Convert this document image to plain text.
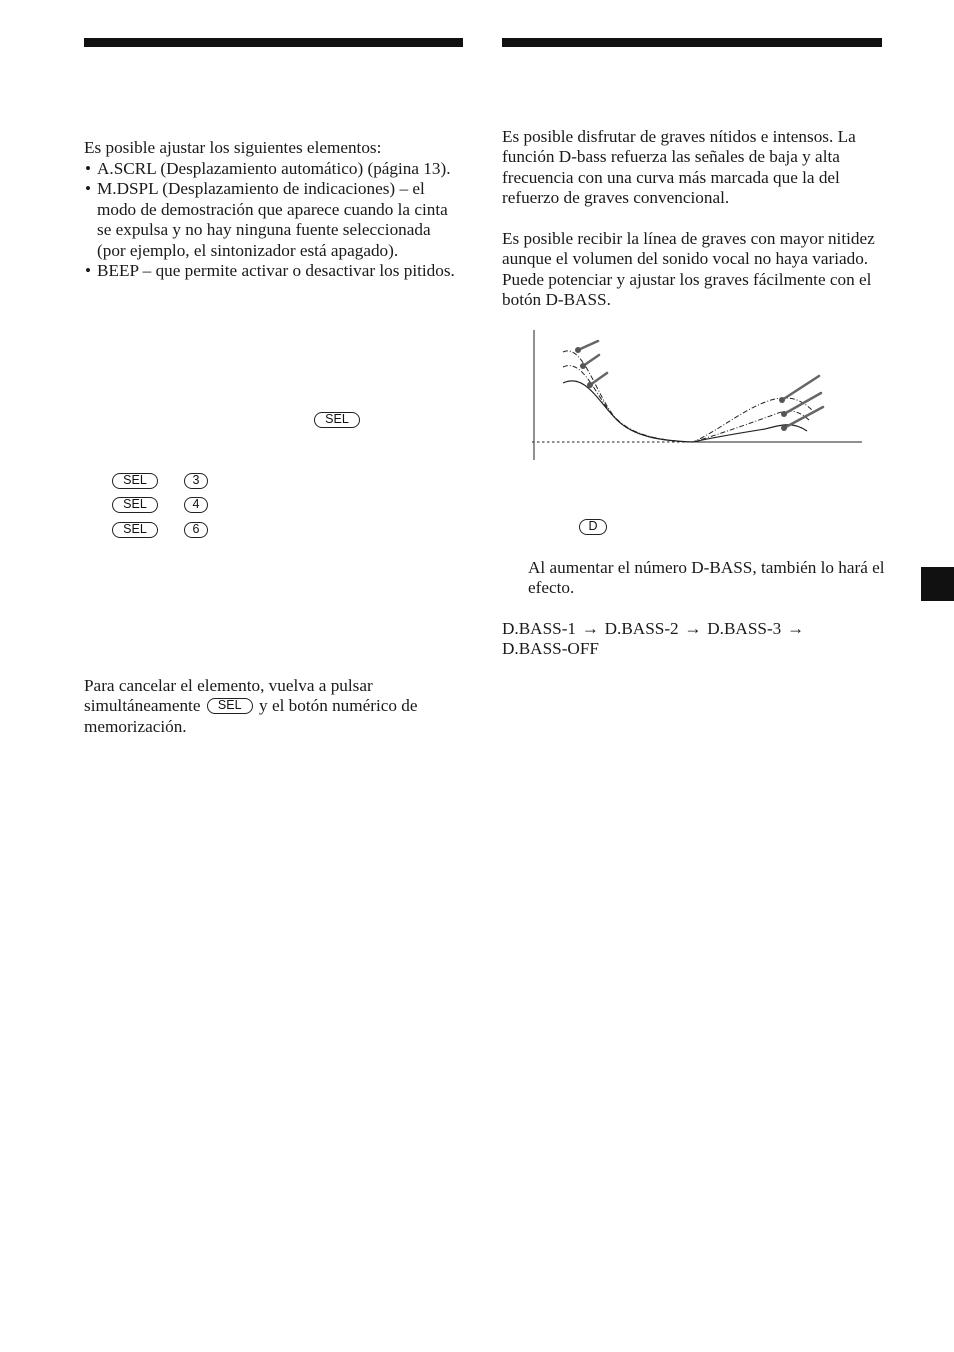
Es posible ajustar los siguientes elementos:
• A.SCRL (Desplazamiento automático) (página 13).
• M.DSPL (Desplazamiento de indicaciones) – el modo de demostración que aparece cuando la cinta se expulsa y no hay ninguna fuente seleccionada (por ejemplo, el sintonizador está apagado).
• BEEP – que permite activar o desactivar los pitidos.
SEL
SEL	3
SEL	4
SEL	6
Para cancelar el elemento, vuelva a pulsar simultáneamente SEL y el botón numérico de memorización.
Es posible disfrutar de graves nítidos e intensos. La función D-bass refuerza las señales de baja y alta frecuencia con una curva más marcada que la del refuerzo de graves convencional.
Es posible recibir la línea de graves con mayor nitidez aunque el volumen del sonido vocal no haya variado. Puede potenciar y ajustar los graves fácilmente con el botón D-BASS.
D
Al aumentar el número D-BASS, también lo hará el efecto.
D.BASS-1 → D.BASS-2 → D.BASS-3 →
D.BASS-OFF
